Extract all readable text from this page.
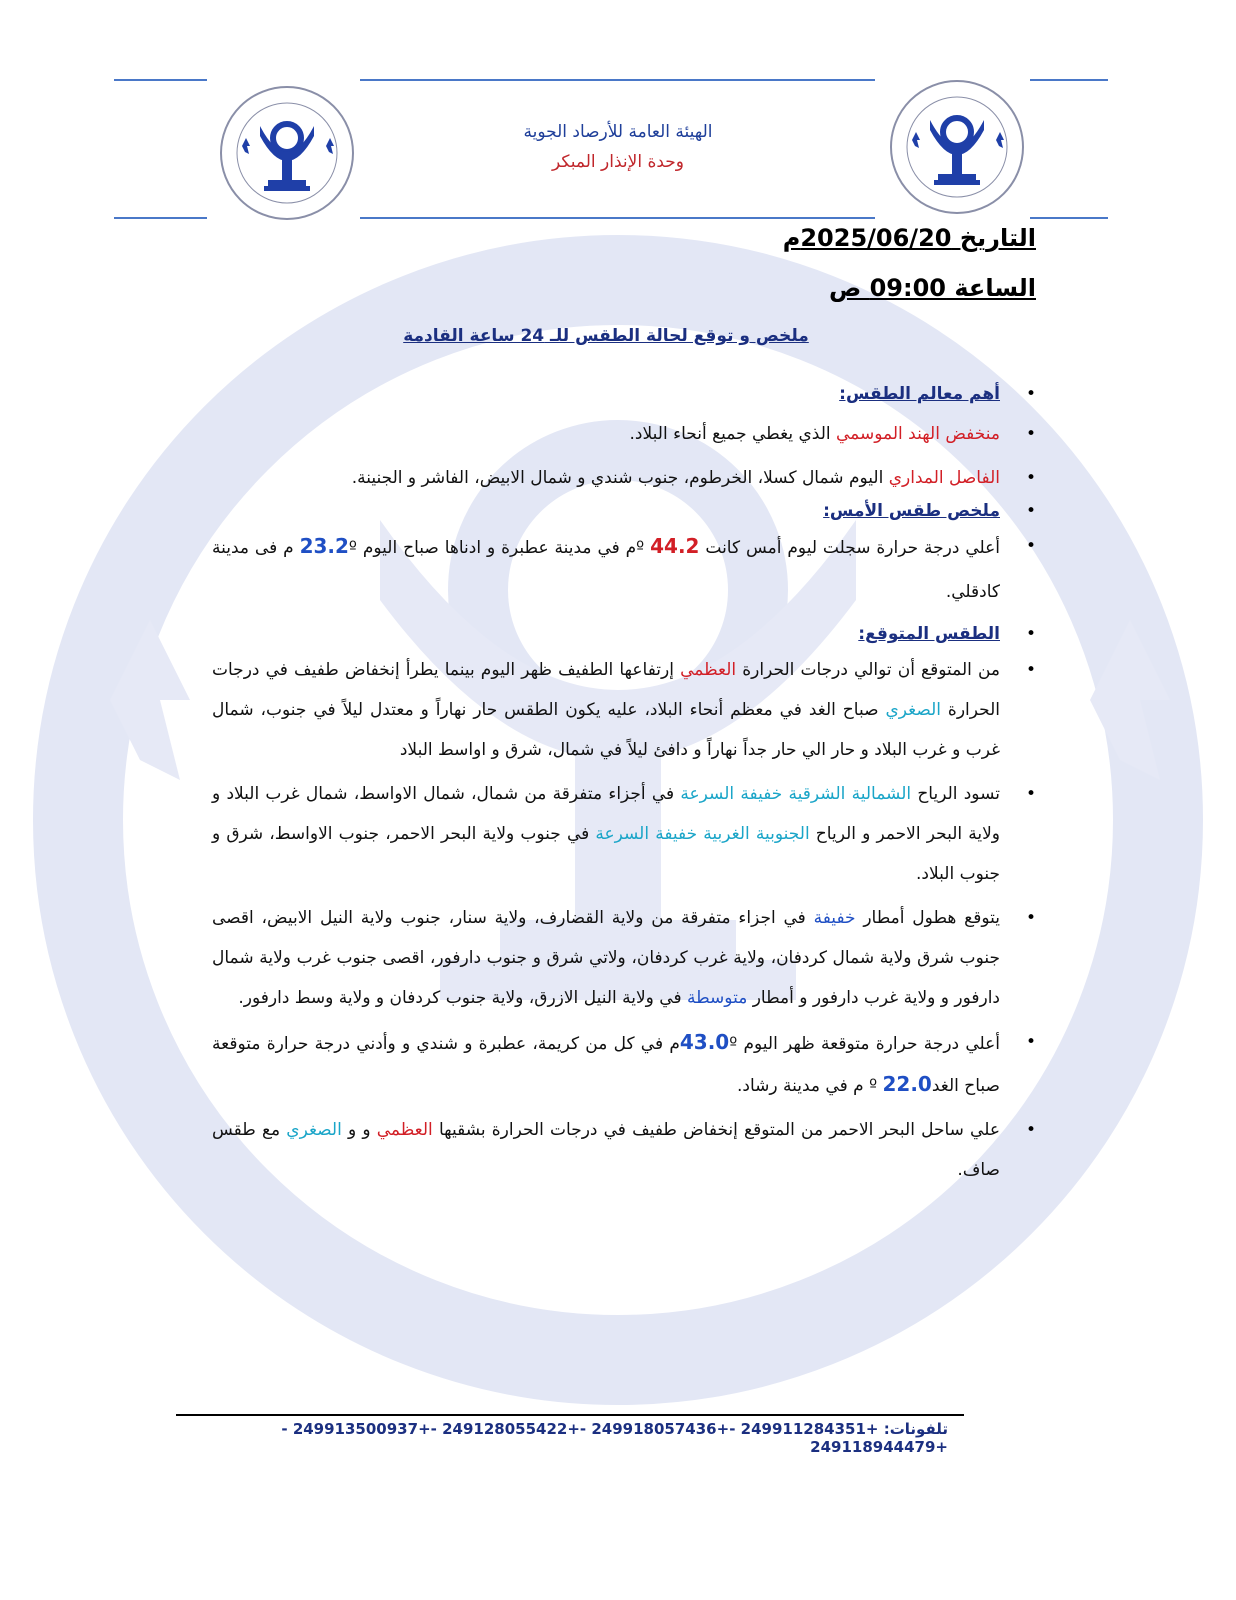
الهيئة العامة للأرصاد الجوية
وحدة الإنذار المبكر
التاريخ 2025/06/20م
الساعة 09:00 ص
ملخص و توقع لحالة الطقس للـ 24 ساعة القادمة
• أهم معالم الطقس:
• منخفض الهند الموسمي الذي يغطي جميع أنحاء البلاد.
• الفاصل المداري اليوم شمال كسلا، الخرطوم، جنوب شندي و شمال الابيض، الفاشر و الجنينة.
• ملخص طقس الأمس:
• أعلي درجة حرارة سجلت ليوم أمس كانت 44.2 ºم في مدينة عطبرة و ادناها صباح اليوم 23.2º م فى مدينة كادقلي.
• الطقس المتوقع:
• من المتوقع أن توالي درجات الحرارة العظمي إرتفاعها الطفيف ظهر اليوم بينما يطرأ إنخفاض طفيف في درجات الحرارة الصغري صباح الغد في معظم أنحاء البلاد، عليه يكون الطقس حار نهاراً و معتدل ليلاً في جنوب، شمال غرب و غرب البلاد و حار الي حار جداً نهاراً و دافئ ليلاً في شمال، شرق و اواسط البلاد
• تسود الرياح الشمالية الشرقية خفيفة السرعة في أجزاء متفرقة من شمال، شمال الاواسط، شمال غرب البلاد و ولاية البحر الاحمر و الرياح الجنوبية الغربية خفيفة السرعة في جنوب ولاية البحر الاحمر، جنوب الاواسط، شرق و جنوب البلاد.
• يتوقع هطول أمطار خفيفة في اجزاء متفرقة من ولاية القضارف، ولاية سنار، جنوب ولاية النيل الابيض، اقصى جنوب شرق ولاية شمال كردفان، ولاية غرب كردفان، ولاتي شرق و جنوب دارفور، اقصى جنوب غرب ولاية شمال دارفور و ولاية غرب دارفور و أمطار متوسطة في ولاية النيل الازرق، ولاية جنوب كردفان و ولاية وسط دارفور.
• أعلي درجة حرارة متوقعة ظهر اليوم 43.0ºم في كل من كريمة، عطبرة و شندي و وأدني درجة حرارة متوقعة صباح الغد22.0 º م في مدينة رشاد.
• علي ساحل البحر الاحمر من المتوقع إنخفاض طفيف في درجات الحرارة بشقيها العظمي و و الصغري مع طقس صاف.
تلفونات: +249911284351 -+249918057436 -+249128055422 -+249913500937 -+249118944479
